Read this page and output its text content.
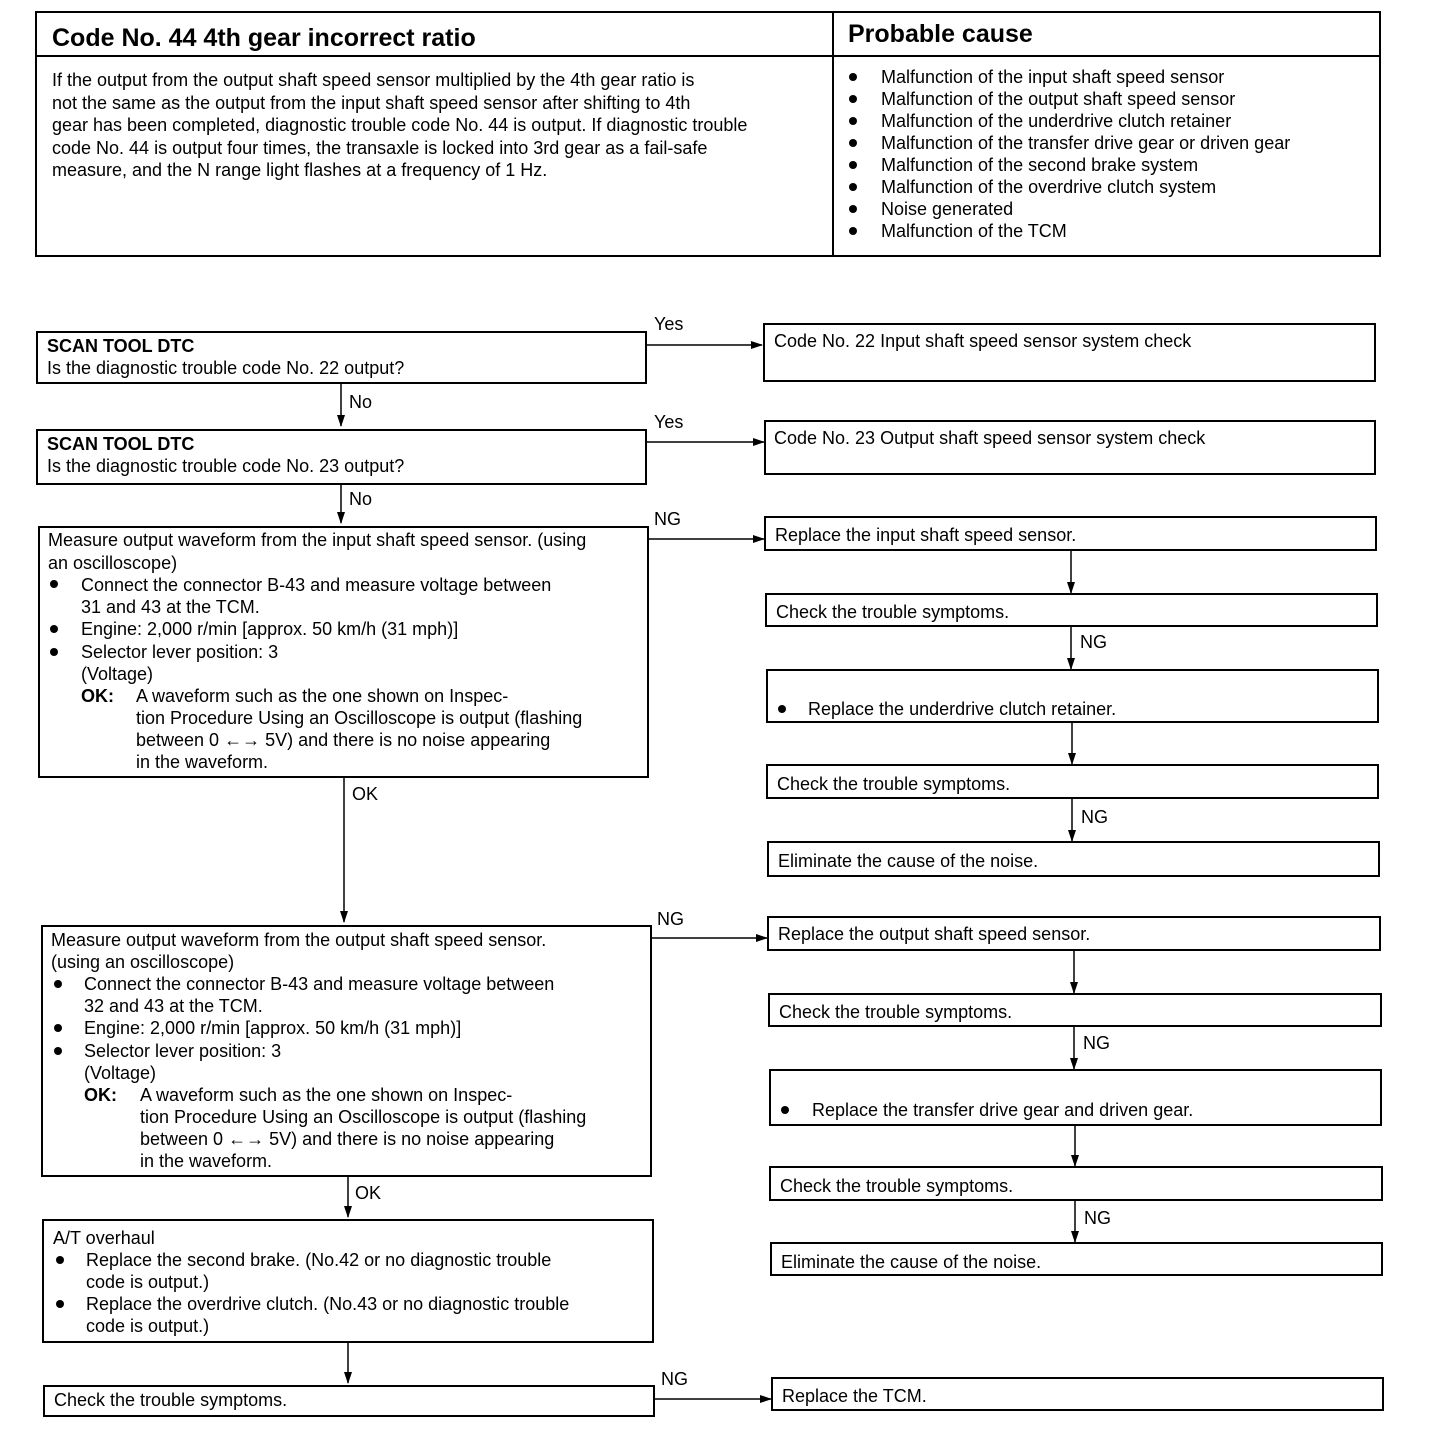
Code No. 44 4th gear incorrect ratio	Probable cause
If the output from the output shaft speed sensor multiplied by the 4th gear ratio is
not the same as the output from the input shaft speed sensor after shifting to 4th
gear has been completed, diagnostic trouble code No. 44 is output. If diagnostic trouble
code No. 44 is output four times, the transaxle is locked into 3rd gear as a fail-safe
measure, and the N range light flashes at a frequency of 1 Hz.
Malfunction of the input shaft speed sensor
Malfunction of the output shaft speed sensor
Malfunction of the underdrive clutch retainer
Malfunction of the transfer drive gear or driven gear
Malfunction of the second brake system
Malfunction of the overdrive clutch system
Noise generated
Malfunction of the TCM
Yes
No
Yes
No
NG
NG
OK
NG
NG
NG
OK
NG
NG
SCAN TOOL DTC
Is the diagnostic trouble code No. 22 output?
SCAN TOOL DTC
Is the diagnostic trouble code No. 23 output?
Measure output waveform from the input shaft speed sensor. (using
an oscilloscope)
Connect the connector B-43 and measure voltage between
31 and 43 at the TCM.
Engine: 2,000 r/min [approx. 50 km/h (31 mph)]
Selector lever position: 3
(Voltage)
OK: A waveform such as the one shown on Inspec-
tion Procedure Using an Oscilloscope is output (flashing
between 0 ←→ 5V) and there is no noise appearing
in the waveform.
Measure output waveform from the output shaft speed sensor.
(using an oscilloscope)
Connect the connector B-43 and measure voltage between
32 and 43 at the TCM.
Engine: 2,000 r/min [approx. 50 km/h (31 mph)]
Selector lever position: 3
(Voltage)
OK: A waveform such as the one shown on Inspec-
tion Procedure Using an Oscilloscope is output (flashing
between 0 ←→ 5V) and there is no noise appearing
in the waveform.
A/T overhaul
Replace the second brake. (No.42 or no diagnostic trouble
code is output.)
Replace the overdrive clutch. (No.43 or no diagnostic trouble
code is output.)
Check the trouble symptoms.
Code No. 22 Input shaft speed sensor system check
Code No. 23 Output shaft speed sensor system check
Replace the input shaft speed sensor.
Check the trouble symptoms.
Replace the underdrive clutch retainer.
Check the trouble symptoms.
Eliminate the cause of the noise.
Replace the output shaft speed sensor.
Check the trouble symptoms.
Replace the transfer drive gear and driven gear.
Check the trouble symptoms.
Eliminate the cause of the noise.
Replace the TCM.
